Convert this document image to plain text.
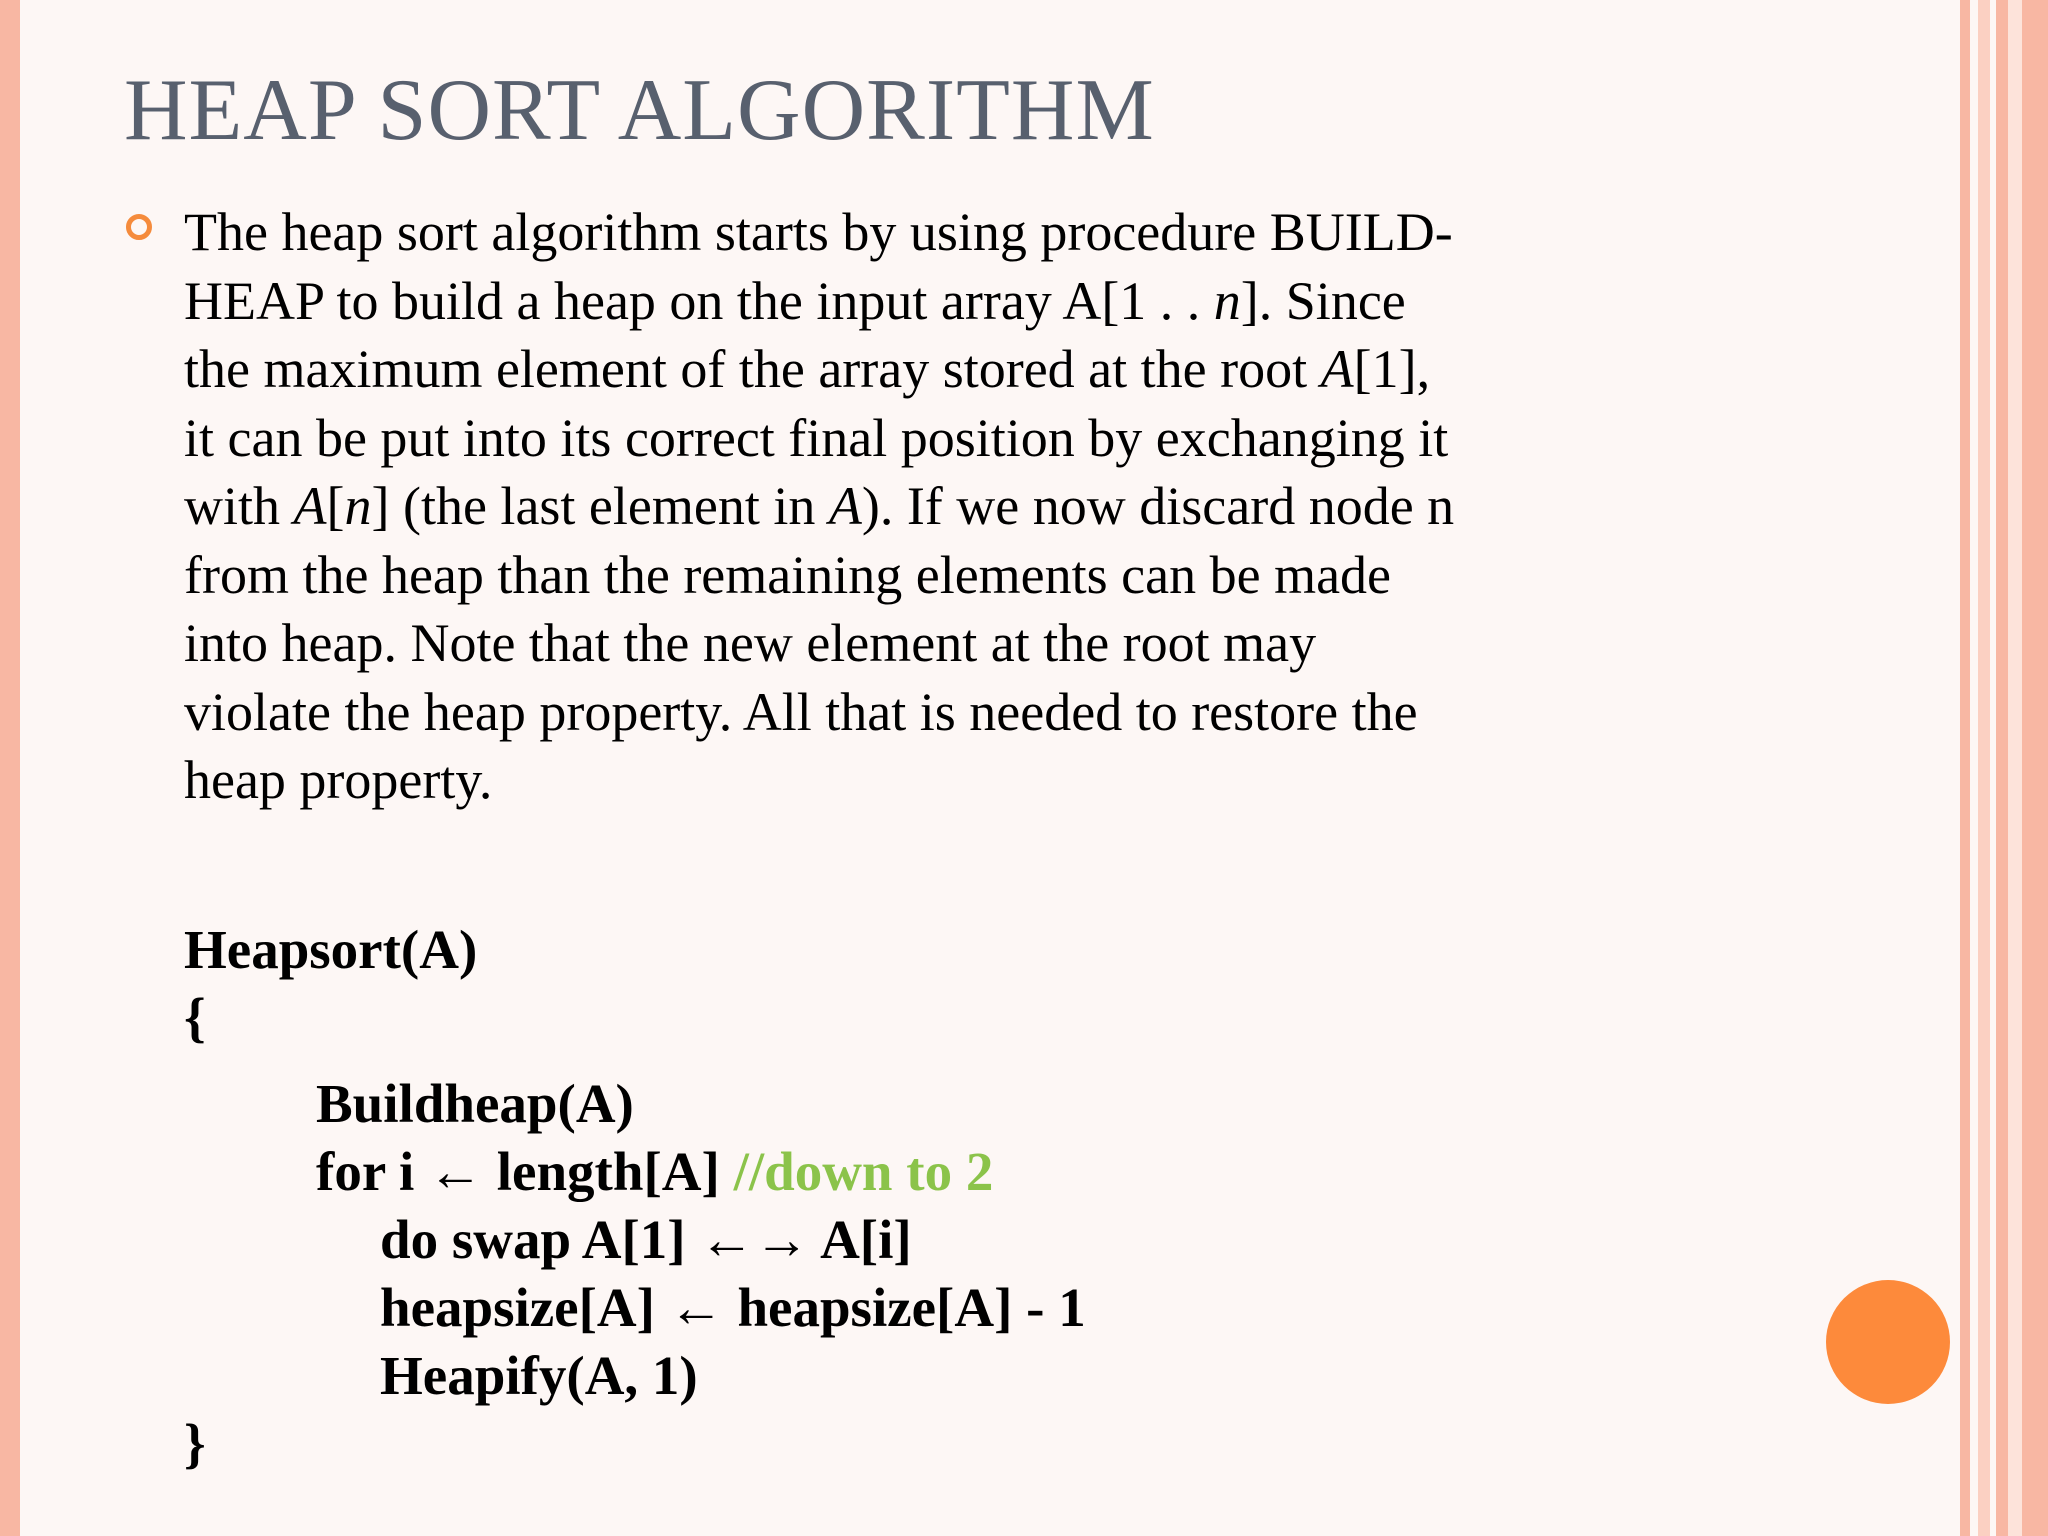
HEAP SORT ALGORITHM
The heap sort algorithm starts by using procedure BUILD-
HEAP to build a heap on the input array A[1 . . n]. Since
the maximum element of the array stored at the root A[1],
it can be put into its correct final position by exchanging it
with A[n] (the last element in A). If we now discard node n
from the heap than the remaining elements can be made
into heap. Note that the new element at the root may
violate the heap property. All that is needed to restore the
heap property.
Heapsort(A)
{
Buildheap(A)
for i ← length[A] //down to 2
do swap A[1] ←→ A[i]
heapsize[A] ← heapsize[A] - 1
Heapify(A, 1)
}
